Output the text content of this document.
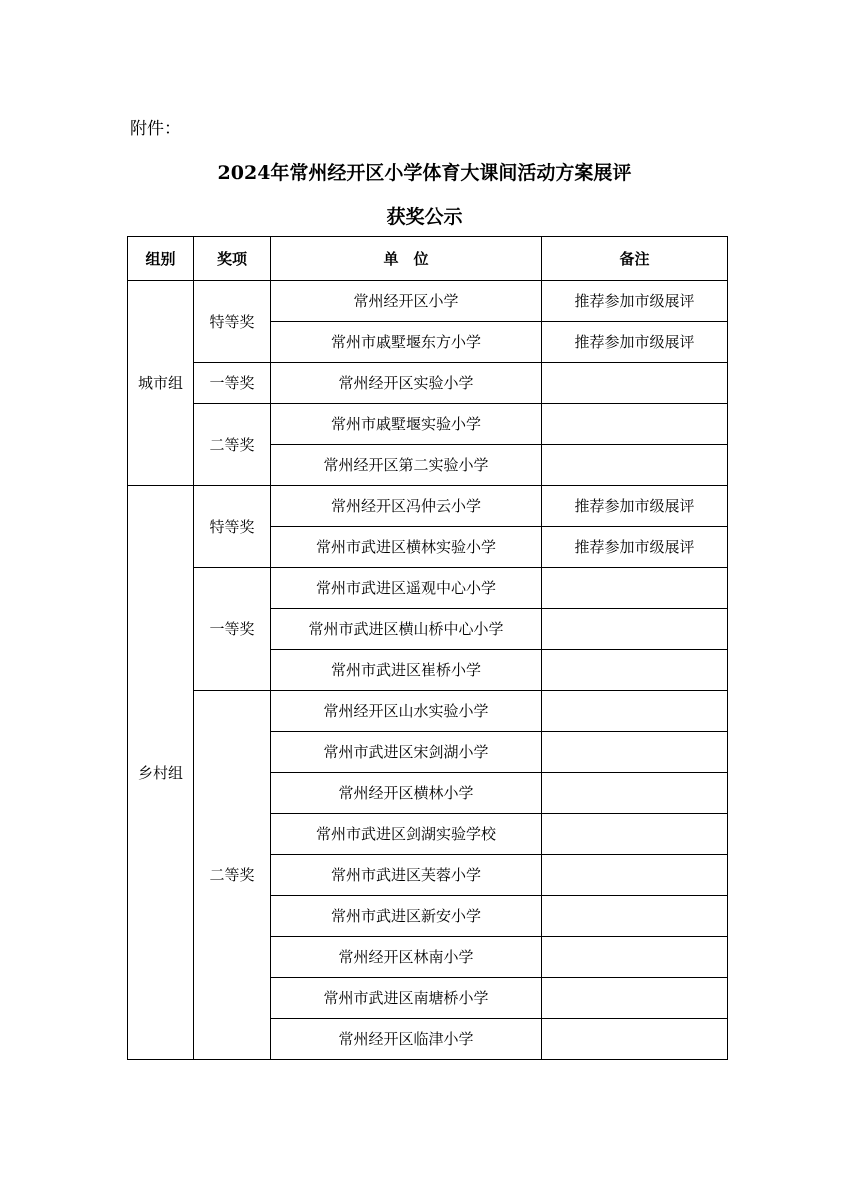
附件：
2024年常州经开区小学体育大课间活动方案展评
获奖公示
组别	奖项	单　位	备注
城市组	特等奖	常州经开区小学	推荐参加市级展评
		常州市戚墅堰东方小学	推荐参加市级展评
	一等奖	常州经开区实验小学	
	二等奖	常州市戚墅堰实验小学	
		常州经开区第二实验小学	
乡村组	特等奖	常州经开区冯仲云小学	推荐参加市级展评
		常州市武进区横林实验小学	推荐参加市级展评
	一等奖	常州市武进区遥观中心小学	
		常州市武进区横山桥中心小学	
		常州市武进区崔桥小学	
	二等奖	常州经开区山水实验小学	
		常州市武进区宋剑湖小学	
		常州经开区横林小学	
		常州市武进区剑湖实验学校	
		常州市武进区芙蓉小学	
		常州市武进区新安小学	
		常州经开区林南小学	
		常州市武进区南塘桥小学	
		常州经开区临津小学	
